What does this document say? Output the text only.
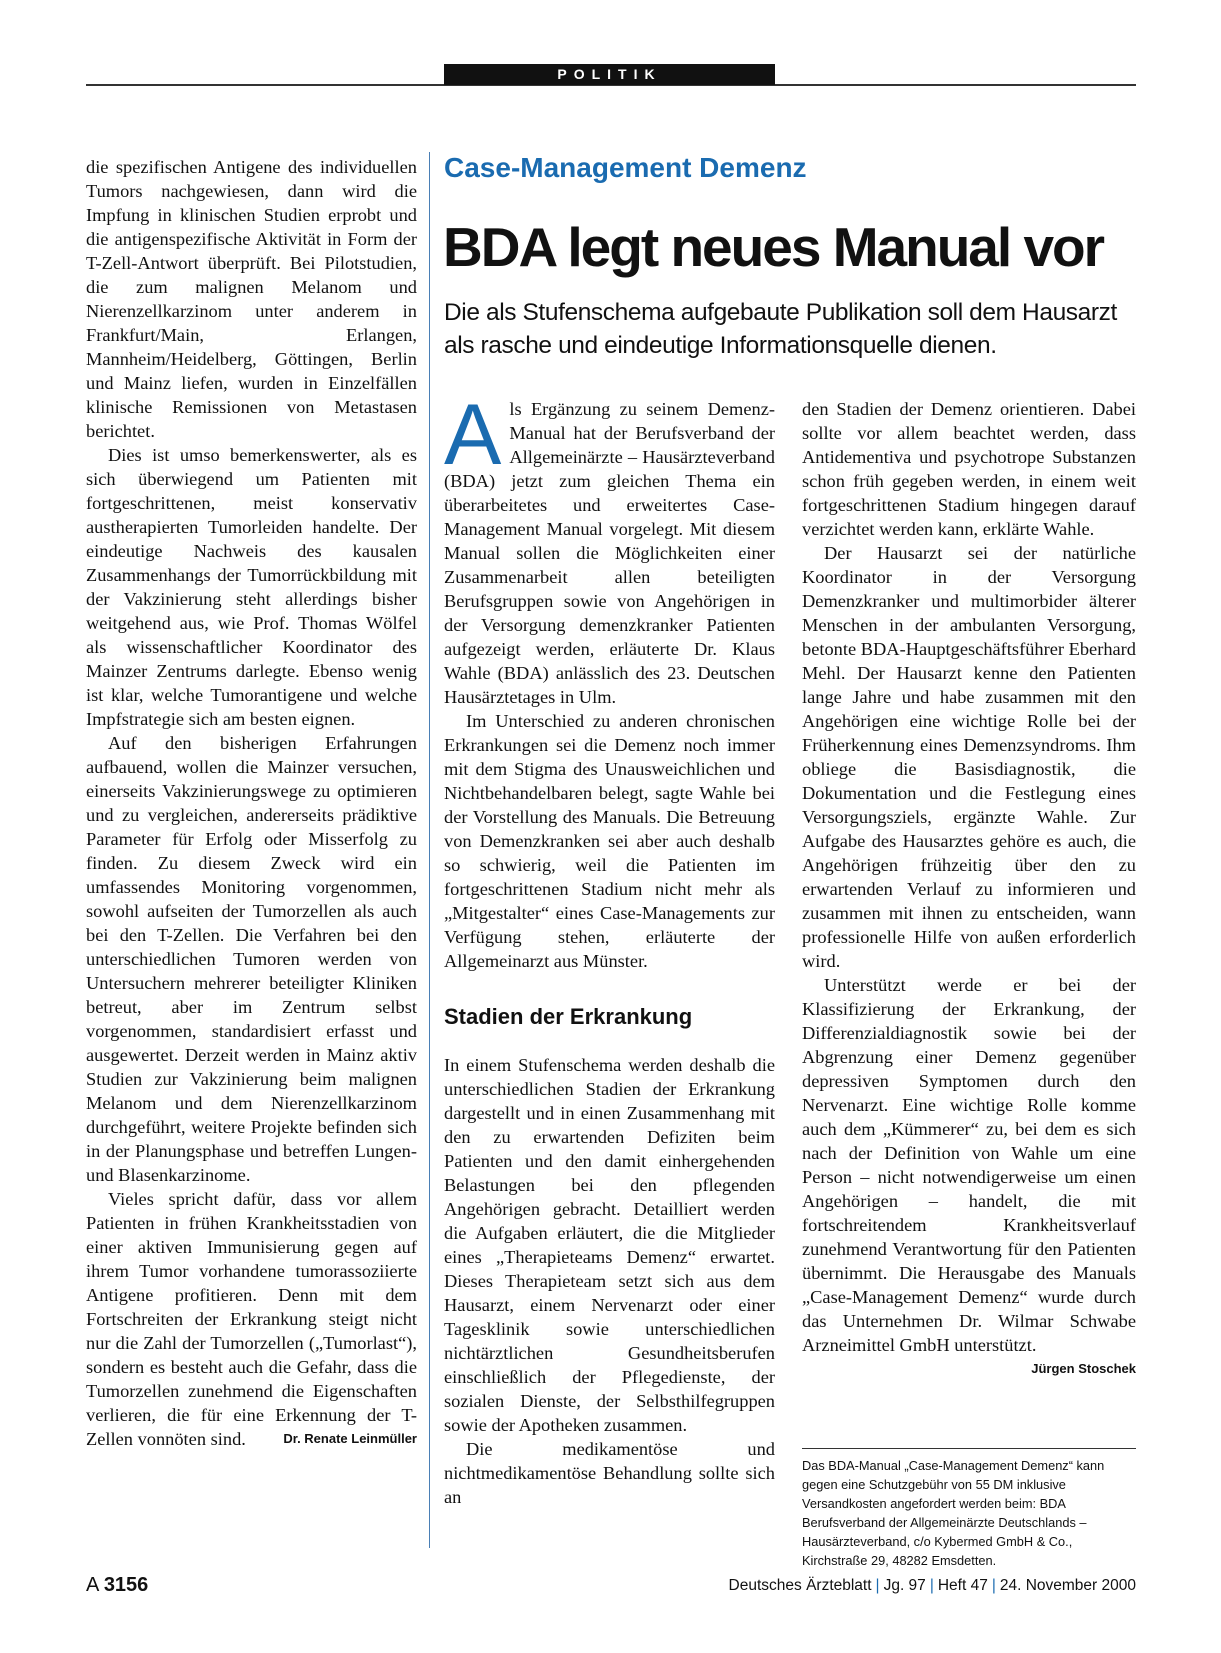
POLITIK

die spezifischen Antigene des individuellen Tumors nachgewiesen, dann wird die Impfung in klinischen Studien erprobt und die antigenspezifische Aktivität in Form der T-Zell-Antwort überprüft. Bei Pilotstudien, die zum malignen Melanom und Nierenzellkarzinom unter anderem in Frankfurt/Main, Erlangen, Mannheim/Heidelberg, Göttingen, Berlin und Mainz liefen, wurden in Einzelfällen klinische Remissionen von Metastasen berichtet.

Dies ist umso bemerkenswerter, als es sich überwiegend um Patienten mit fortgeschrittenen, meist konservativ austherapierten Tumorleiden handelte. Der eindeutige Nachweis des kausalen Zusammenhangs der Tumorrückbildung mit der Vakzinierung steht allerdings bisher weitgehend aus, wie Prof. Thomas Wölfel als wissenschaftlicher Koordinator des Mainzer Zentrums darlegte. Ebenso wenig ist klar, welche Tumorantigene und welche Impfstrategie sich am besten eignen.

Auf den bisherigen Erfahrungen aufbauend, wollen die Mainzer versuchen, einerseits Vakzinierungswege zu optimieren und zu vergleichen, andererseits prädiktive Parameter für Erfolg oder Misserfolg zu finden. Zu diesem Zweck wird ein umfassendes Monitoring vorgenommen, sowohl aufseiten der Tumorzellen als auch bei den T-Zellen. Die Verfahren bei den unterschiedlichen Tumoren werden von Untersuchern mehrerer beteiligter Kliniken betreut, aber im Zentrum selbst vorgenommen, standardisiert erfasst und ausgewertet. Derzeit werden in Mainz aktiv Studien zur Vakzinierung beim malignen Melanom und dem Nierenzellkarzinom durchgeführt, weitere Projekte befinden sich in der Planungsphase und betreffen Lungen- und Blasenkarzinome.

Vieles spricht dafür, dass vor allem Patienten in frühen Krankheitsstadien von einer aktiven Immunisierung gegen auf ihrem Tumor vorhandene tumorassoziierte Antigene profitieren. Denn mit dem Fortschreiten der Erkrankung steigt nicht nur die Zahl der Tumorzellen („Tumorlast“), sondern es besteht auch die Gefahr, dass die Tumorzellen zunehmend die Eigenschaften verlieren, die für eine Erkennung der T-Zellen vonnöten sind.	Dr. Renate Leinmüller

Case-Management Demenz
BDA legt neues Manual vor
Die als Stufenschema aufgebaute Publikation soll dem Hausarzt als rasche und eindeutige Informationsquelle dienen.

Als Ergänzung zu seinem Demenz-Manual hat der Berufsverband der Allgemeinärzte – Hausärzteverband (BDA) jetzt zum gleichen Thema ein überarbeitetes und erweitertes Case-Management Manual vorgelegt. Mit diesem Manual sollen die Möglichkeiten einer Zusammenarbeit allen beteiligten Berufsgruppen sowie von Angehörigen in der Versorgung demenzkranker Patienten aufgezeigt werden, erläuterte Dr. Klaus Wahle (BDA) anlässlich des 23. Deutschen Hausärztetages in Ulm.

Im Unterschied zu anderen chronischen Erkrankungen sei die Demenz noch immer mit dem Stigma des Unausweichlichen und Nichtbehandelbaren belegt, sagte Wahle bei der Vorstellung des Manuals. Die Betreuung von Demenzkranken sei aber auch deshalb so schwierig, weil die Patienten im fortgeschrittenen Stadium nicht mehr als „Mitgestalter“ eines Case-Managements zur Verfügung stehen, erläuterte der Allgemeinarzt aus Münster.

Stadien der Erkrankung

In einem Stufenschema werden deshalb die unterschiedlichen Stadien der Erkrankung dargestellt und in einen Zusammenhang mit den zu erwartenden Defiziten beim Patienten und den damit einhergehenden Belastungen bei den pflegenden Angehörigen gebracht. Detailliert werden die Aufgaben erläutert, die die Mitglieder eines „Therapieteams Demenz“ erwartet. Dieses Therapieteam setzt sich aus dem Hausarzt, einem Nervenarzt oder einer Tagesklinik sowie unterschiedlichen nichtärztlichen Gesundheitsberufen einschließlich der Pflegedienste, der sozialen Dienste, der Selbsthilfegruppen sowie der Apotheken zusammen.

Die medikamentöse und nichtmedikamentöse Behandlung sollte sich an

den Stadien der Demenz orientieren. Dabei sollte vor allem beachtet werden, dass Antidementiva und psychotrope Substanzen schon früh gegeben werden, in einem weit fortgeschrittenen Stadium hingegen darauf verzichtet werden kann, erklärte Wahle.

Der Hausarzt sei der natürliche Koordinator in der Versorgung Demenzkranker und multimorbider älterer Menschen in der ambulanten Versorgung, betonte BDA-Hauptgeschäftsführer Eberhard Mehl. Der Hausarzt kenne den Patienten lange Jahre und habe zusammen mit den Angehörigen eine wichtige Rolle bei der Früherkennung eines Demenzsyndroms. Ihm obliege die Basisdiagnostik, die Dokumentation und die Festlegung eines Versorgungsziels, ergänzte Wahle. Zur Aufgabe des Hausarztes gehöre es auch, die Angehörigen frühzeitig über den zu erwartenden Verlauf zu informieren und zusammen mit ihnen zu entscheiden, wann professionelle Hilfe von außen erforderlich wird.

Unterstützt werde er bei der Klassifizierung der Erkrankung, der Differenzialdiagnostik sowie bei der Abgrenzung einer Demenz gegenüber depressiven Symptomen durch den Nervenarzt. Eine wichtige Rolle komme auch dem „Kümmerer“ zu, bei dem es sich nach der Definition von Wahle um eine Person – nicht notwendigerweise um einen Angehörigen – handelt, die mit fortschreitendem Krankheitsverlauf zunehmend Verantwortung für den Patienten übernimmt. Die Herausgabe des Manuals „Case-Management Demenz“ wurde durch das Unternehmen Dr. Wilmar Schwabe Arzneimittel GmbH unterstützt.
Jürgen Stoschek

Das BDA-Manual „Case-Management Demenz“ kann gegen eine Schutzgebühr von 55 DM inklusive Versandkosten angefordert werden beim: BDA Berufsverband der Allgemeinärzte Deutschlands – Hausärzteverband, c/o Kybermed GmbH & Co., Kirchstraße 29, 48282 Emsdetten.
A 3156	Deutsches Ärzteblatt | Jg. 97 | Heft 47 | 24. November 2000
